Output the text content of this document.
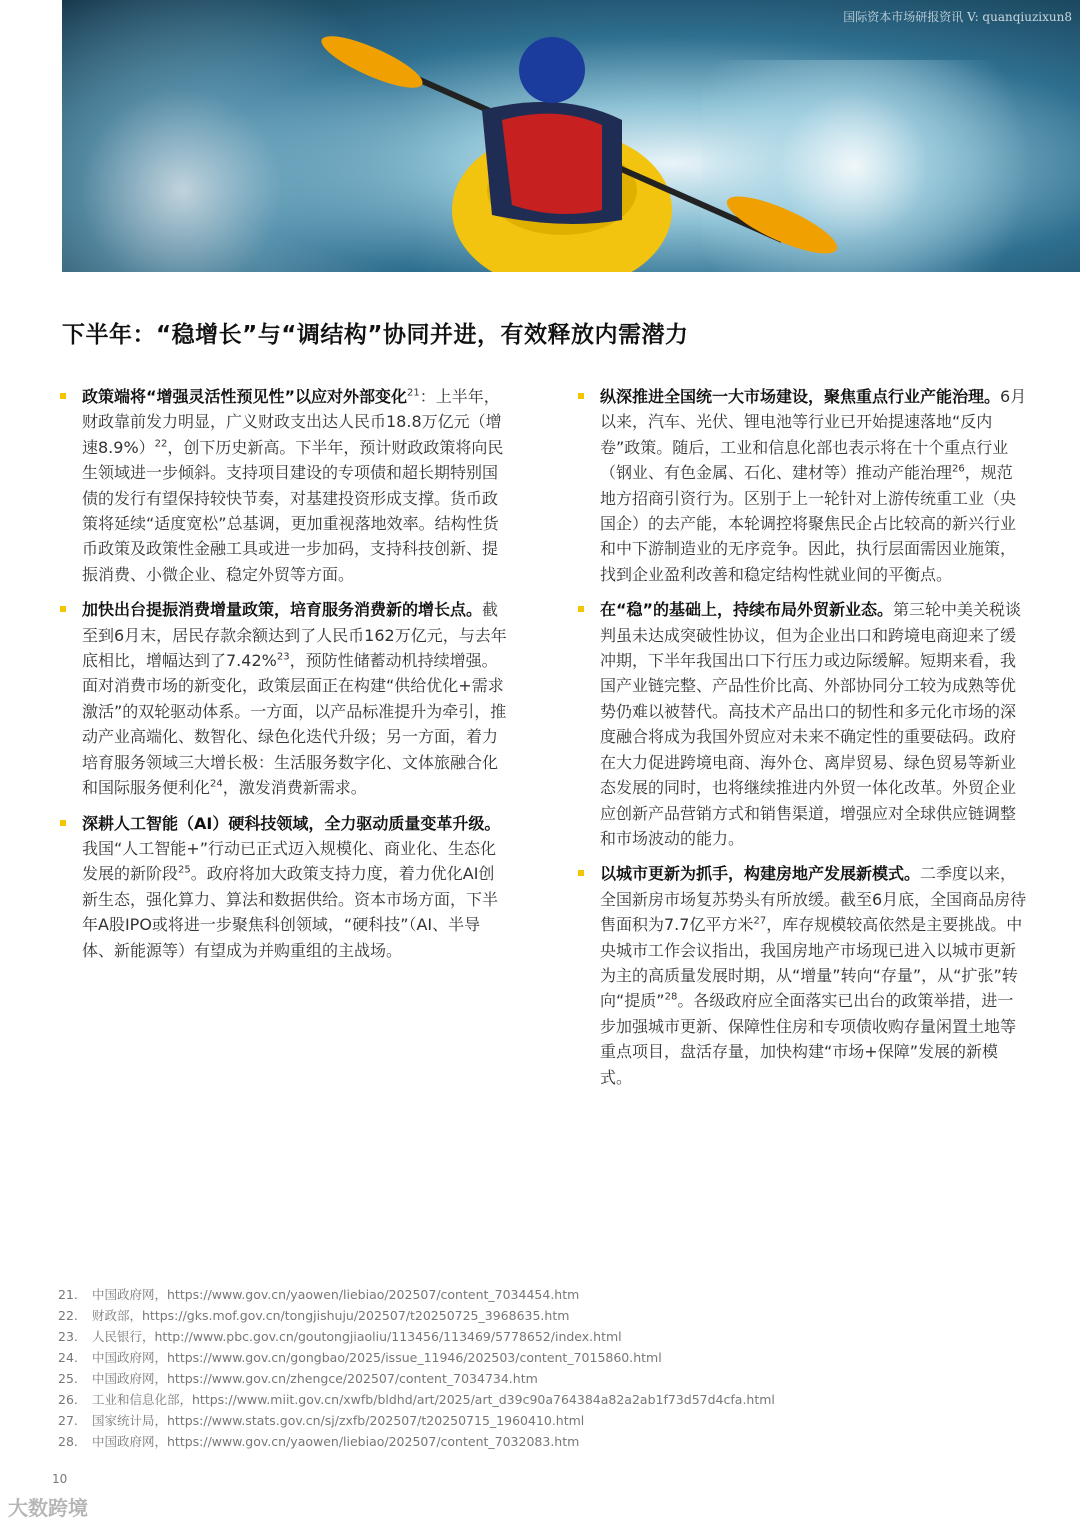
国际资本市场研报资讯 V: quanqiuzixun8
下半年：“稳增长”与“调结构”协同并进，有效释放内需潜力
政策端将“增强灵活性预见性”以应对外部变化$^{21}$：上半年，财政靠前发力明显，广义财政支出达人民币18.8万亿元（增速8.9%）$^{22}$，创下历史新高。下半年，预计财政政策将向民生领域进一步倾斜。支持项目建设的专项债和超长期特别国债的发行有望保持较快节奏，对基建投资形成支撑。货币政策将延续“适度宽松”总基调，更加重视落地效率。结构性货币政策及政策性金融工具或进一步加码，支持科技创新、提振消费、小微企业、稳定外贸等方面。
加快出台提振消费增量政策，培育服务消费新的增长点。截至到6月末，居民存款余额达到了人民币162万亿元，与去年底相比，增幅达到了7.42%$^{23}$，预防性储蓄动机持续增强。面对消费市场的新变化，政策层面正在构建“供给优化+需求激活”的双轮驱动体系。一方面，以产品标准提升为牵引，推动产业高端化、数智化、绿色化迭代升级；另一方面，着力培育服务领域三大增长极：生活服务数字化、文体旅融合化和国际服务便利化$^{24}$，激发消费新需求。
深耕人工智能（AI）硬科技领域，全力驱动质量变革升级。我国“人工智能+”行动已正式迈入规模化、商业化、生态化发展的新阶段$^{25}$。政府将加大政策支持力度，着力优化AI创新生态，强化算力、算法和数据供给。资本市场方面，下半年A股IPO或将进一步聚焦科创领域，“硬科技”（AI、半导体、新能源等）有望成为并购重组的主战场。
纵深推进全国统一大市场建设，聚焦重点行业产能治理。6月以来，汽车、光伏、锂电池等行业已开始提速落地“反内卷”政策。随后，工业和信息化部也表示将在十个重点行业（钢业、有色金属、石化、建材等）推动产能治理$^{26}$，规范地方招商引资行为。区别于上一轮针对上游传统重工业（央国企）的去产能，本轮调控将聚焦民企占比较高的新兴行业和中下游制造业的无序竞争。因此，执行层面需因业施策，找到企业盈利改善和稳定结构性就业间的平衡点。
在“稳”的基础上，持续布局外贸新业态。第三轮中美关税谈判虽未达成突破性协议，但为企业出口和跨境电商迎来了缓冲期，下半年我国出口下行压力或边际缓解。短期来看，我国产业链完整、产品性价比高、外部协同分工较为成熟等优势仍难以被替代。高技术产品出口的韧性和多元化市场的深度融合将成为我国外贸应对未来不确定性的重要砝码。政府在大力促进跨境电商、海外仓、离岸贸易、绿色贸易等新业态发展的同时，也将继续推进内外贸一体化改革。外贸企业应创新产品营销方式和销售渠道，增强应对全球供应链调整和市场波动的能力。
以城市更新为抓手，构建房地产发展新模式。二季度以来，全国新房市场复苏势头有所放缓。截至6月底，全国商品房待售面积为7.7亿平方米$^{27}$，库存规模较高依然是主要挑战。中央城市工作会议指出，我国房地产市场现已进入以城市更新为主的高质量发展时期，从“增量”转向“存量”，从“扩张”转向“提质”$^{28}$。各级政府应全面落实已出台的政策举措，进一步加强城市更新、保障性住房和专项债收购存量闲置土地等重点项目，盘活存量，加快构建“市场+保障”发展的新模式。
21. 中国政府网，https://www.gov.cn/yaowen/liebiao/202507/content_7034454.htm
22. 财政部，https://gks.mof.gov.cn/tongjishuju/202507/t20250725_3968635.htm
23. 人民银行，http://www.pbc.gov.cn/goutongjiaoliu/113456/113469/5778652/index.html
24. 中国政府网，https://www.gov.cn/gongbao/2025/issue_11946/202503/content_7015860.html
25. 中国政府网，https://www.gov.cn/zhengce/202507/content_7034734.htm
26. 工业和信息化部，https://www.miit.gov.cn/xwfb/bldhd/art/2025/art_d39c90a764384a82a2ab1f73d57d4cfa.html
27. 国家统计局，https://www.stats.gov.cn/sj/zxfb/202507/t20250715_1960410.html
28. 中国政府网，https://www.gov.cn/yaowen/liebiao/202507/content_7032083.htm
10
大数跨境
